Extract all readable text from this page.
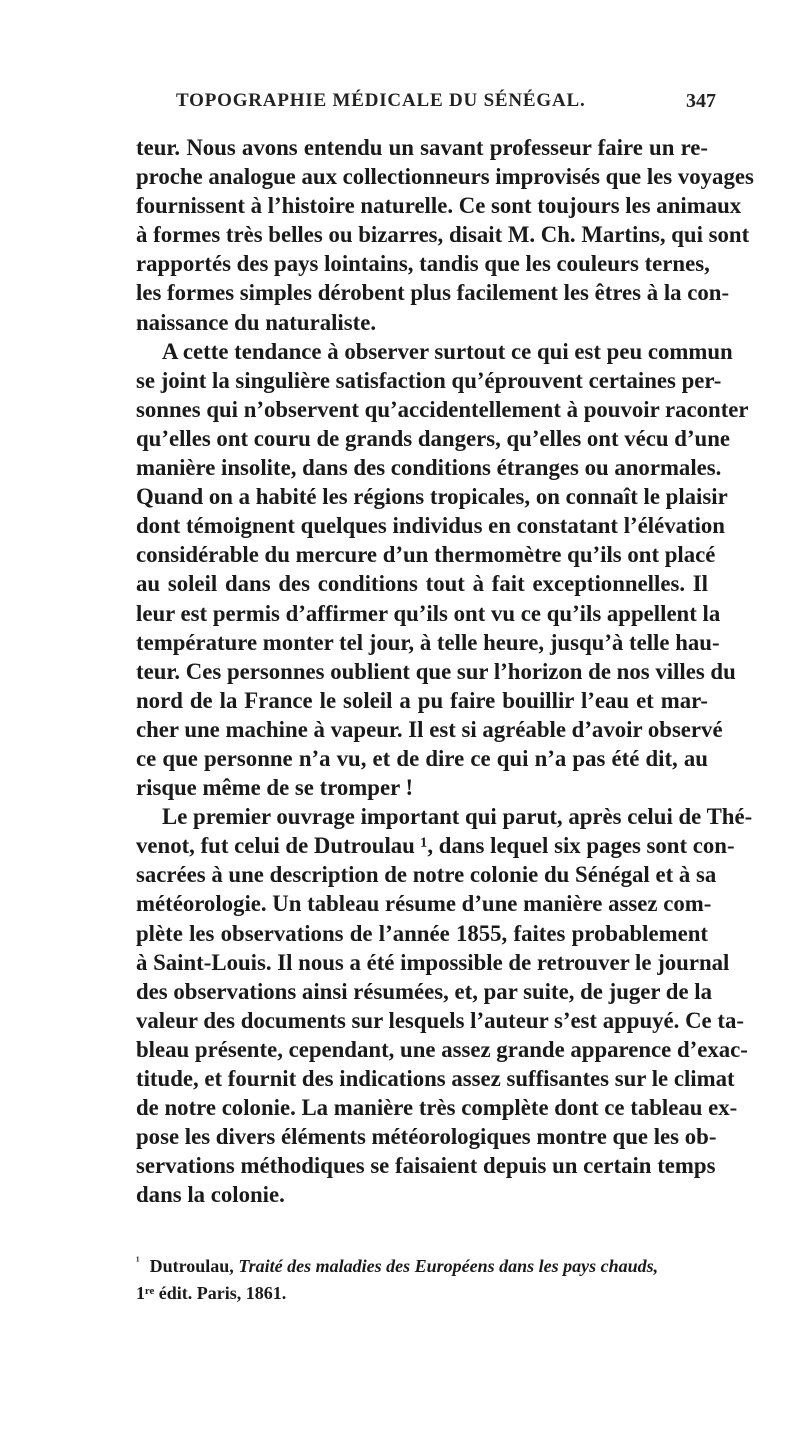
TOPOGRAPHIE MÉDICALE DU SÉNÉGAL.	347
teur. Nous avons entendu un savant professeur faire un re-
proche analogue aux collectionneurs improvisés que les voyages
fournissent à l’histoire naturelle. Ce sont toujours les animaux
à formes très belles ou bizarres, disait M. Ch. Martins, qui sont
rapportés des pays lointains, tandis que les couleurs ternes,
les formes simples dérobent plus facilement les êtres à la con-
naissance du naturaliste.
A cette tendance à observer surtout ce qui est peu commun
se joint la singulière satisfaction qu’éprouvent certaines per-
sonnes qui n’observent qu’accidentellement à pouvoir raconter
qu’elles ont couru de grands dangers, qu’elles ont vécu d’une
manière insolite, dans des conditions étranges ou anormales.
Quand on a habité les régions tropicales, on connaît le plaisir
dont témoignent quelques individus en constatant l’élévation
considérable du mercure d’un thermomètre qu’ils ont placé
au soleil dans des conditions tout à fait exceptionnelles. Il
leur est permis d’affirmer qu’ils ont vu ce qu’ils appellent la
température monter tel jour, à telle heure, jusqu’à telle hau-
teur. Ces personnes oublient que sur l’horizon de nos villes du
nord de la France le soleil a pu faire bouillir l’eau et mar-
cher une machine à vapeur. Il est si agréable d’avoir observé
ce que personne n’a vu, et de dire ce qui n’a pas été dit, au
risque même de se tromper !
Le premier ouvrage important qui parut, après celui de Thé-
venot, fut celui de Dutroulau ¹, dans lequel six pages sont con-
sacrées à une description de notre colonie du Sénégal et à sa
météorologie. Un tableau résume d’une manière assez com-
plète les observations de l’année 1855, faites probablement
à Saint-Louis. Il nous a été impossible de retrouver le journal
des observations ainsi résumées, et, par suite, de juger de la
valeur des documents sur lesquels l’auteur s’est appuyé. Ce ta-
bleau présente, cependant, une assez grande apparence d’exac-
titude, et fournit des indications assez suffisantes sur le climat
de notre colonie. La manière très complète dont ce tableau ex-
pose les divers éléments météorologiques montre que les ob-
servations méthodiques se faisaient depuis un certain temps
dans la colonie.
$^{^1}$ Dutroulau, Traité des maladies des Européens dans les pays chauds,
1ʳᵉ édit. Paris, 1861.
